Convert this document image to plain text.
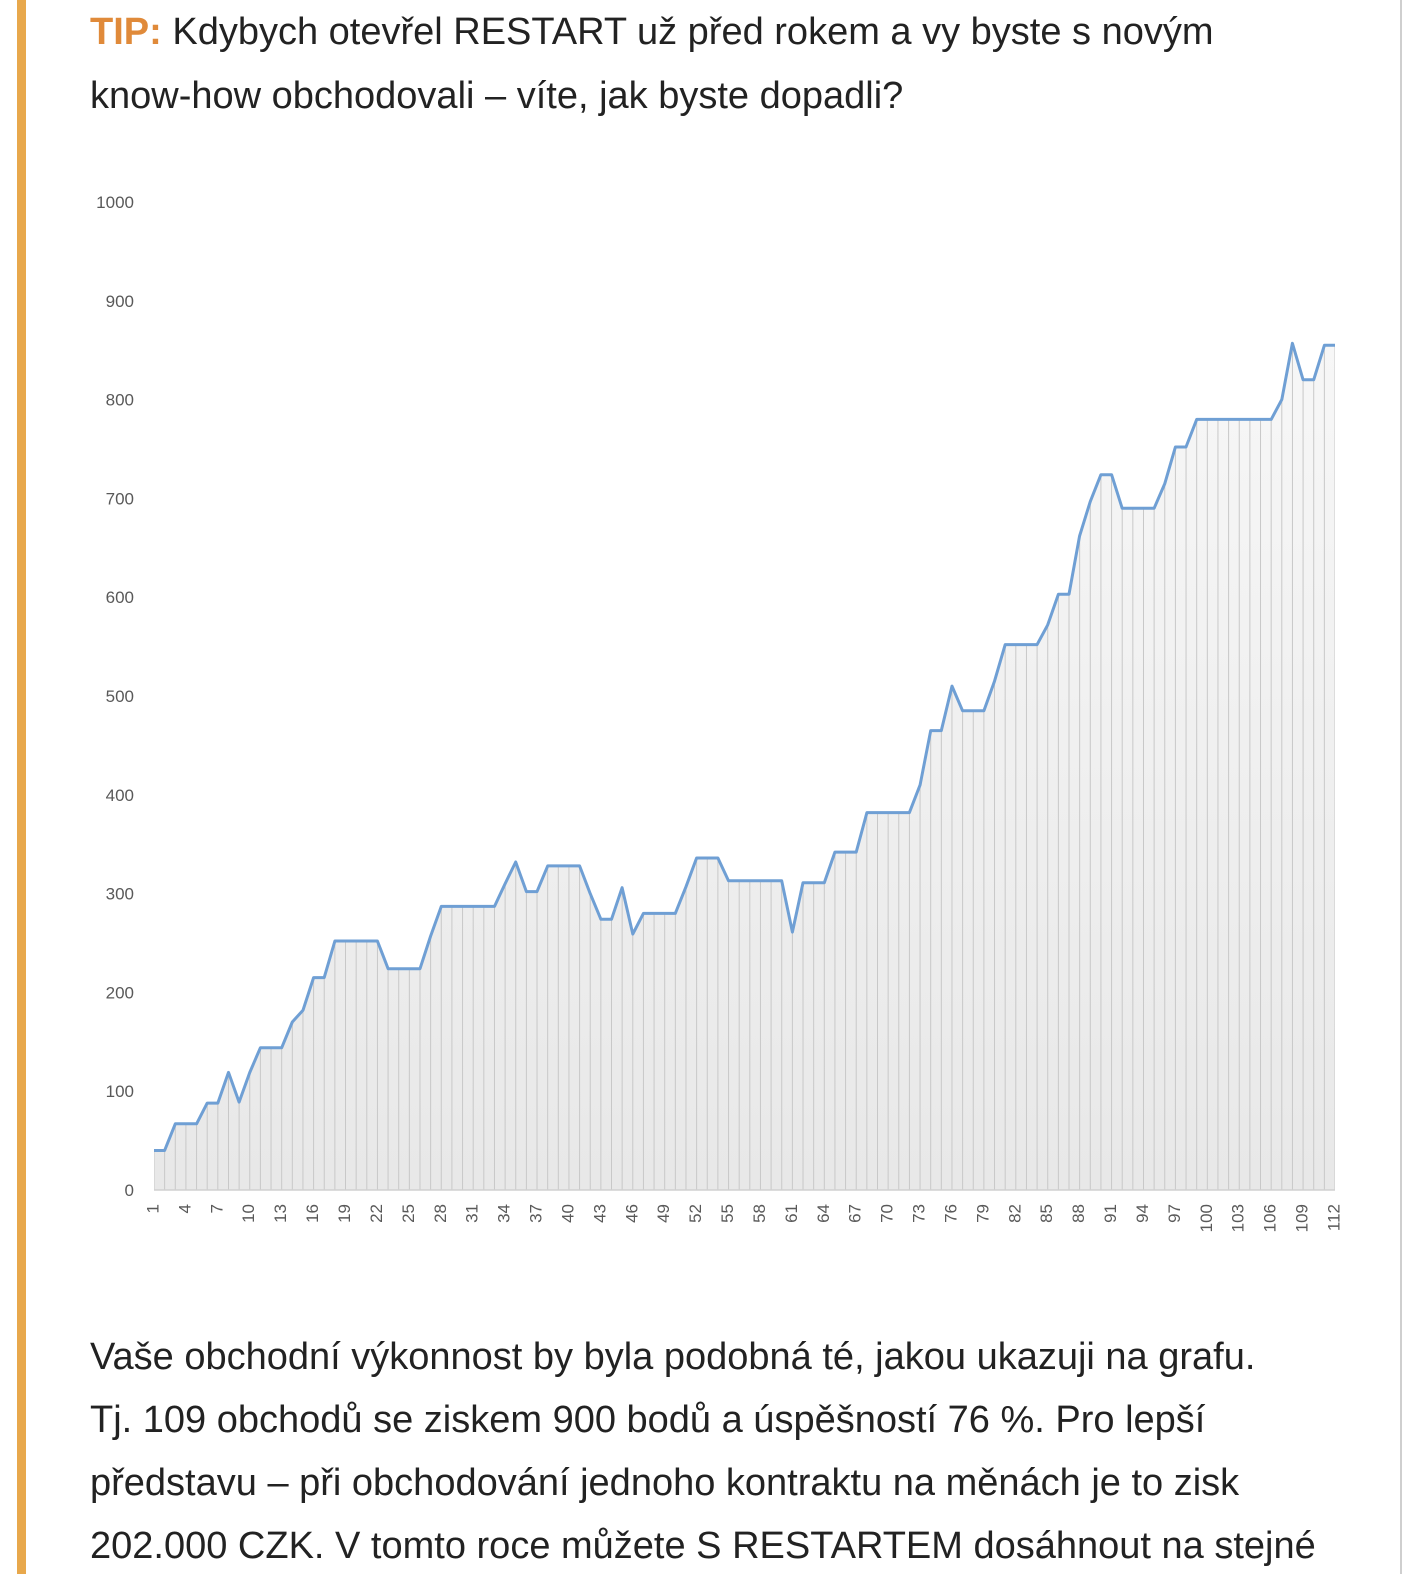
TIP: Kdybych otevřel RESTART už před rokem a vy byste s novým
know-how obchodovali – víte, jak byste dopadli?
0
100
200
300
400
500
600
700
800
900
1000
1 4 7 10 13 16 19 22 25 28 31 34 37 40 43 46 49 52 55 58 61 64 67 70 73 76 79 82 85 88 91 94 97 100 103 106 109 112
Vaše obchodní výkonnost by byla podobná té, jakou ukazuji na grafu.
Tj. 109 obchodů se ziskem 900 bodů a úspěšností 76 %. Pro lepší
představu – při obchodování jednoho kontraktu na měnách je to zisk
202.000 CZK. V tomto roce můžete S RESTARTEM dosáhnout na stejné
